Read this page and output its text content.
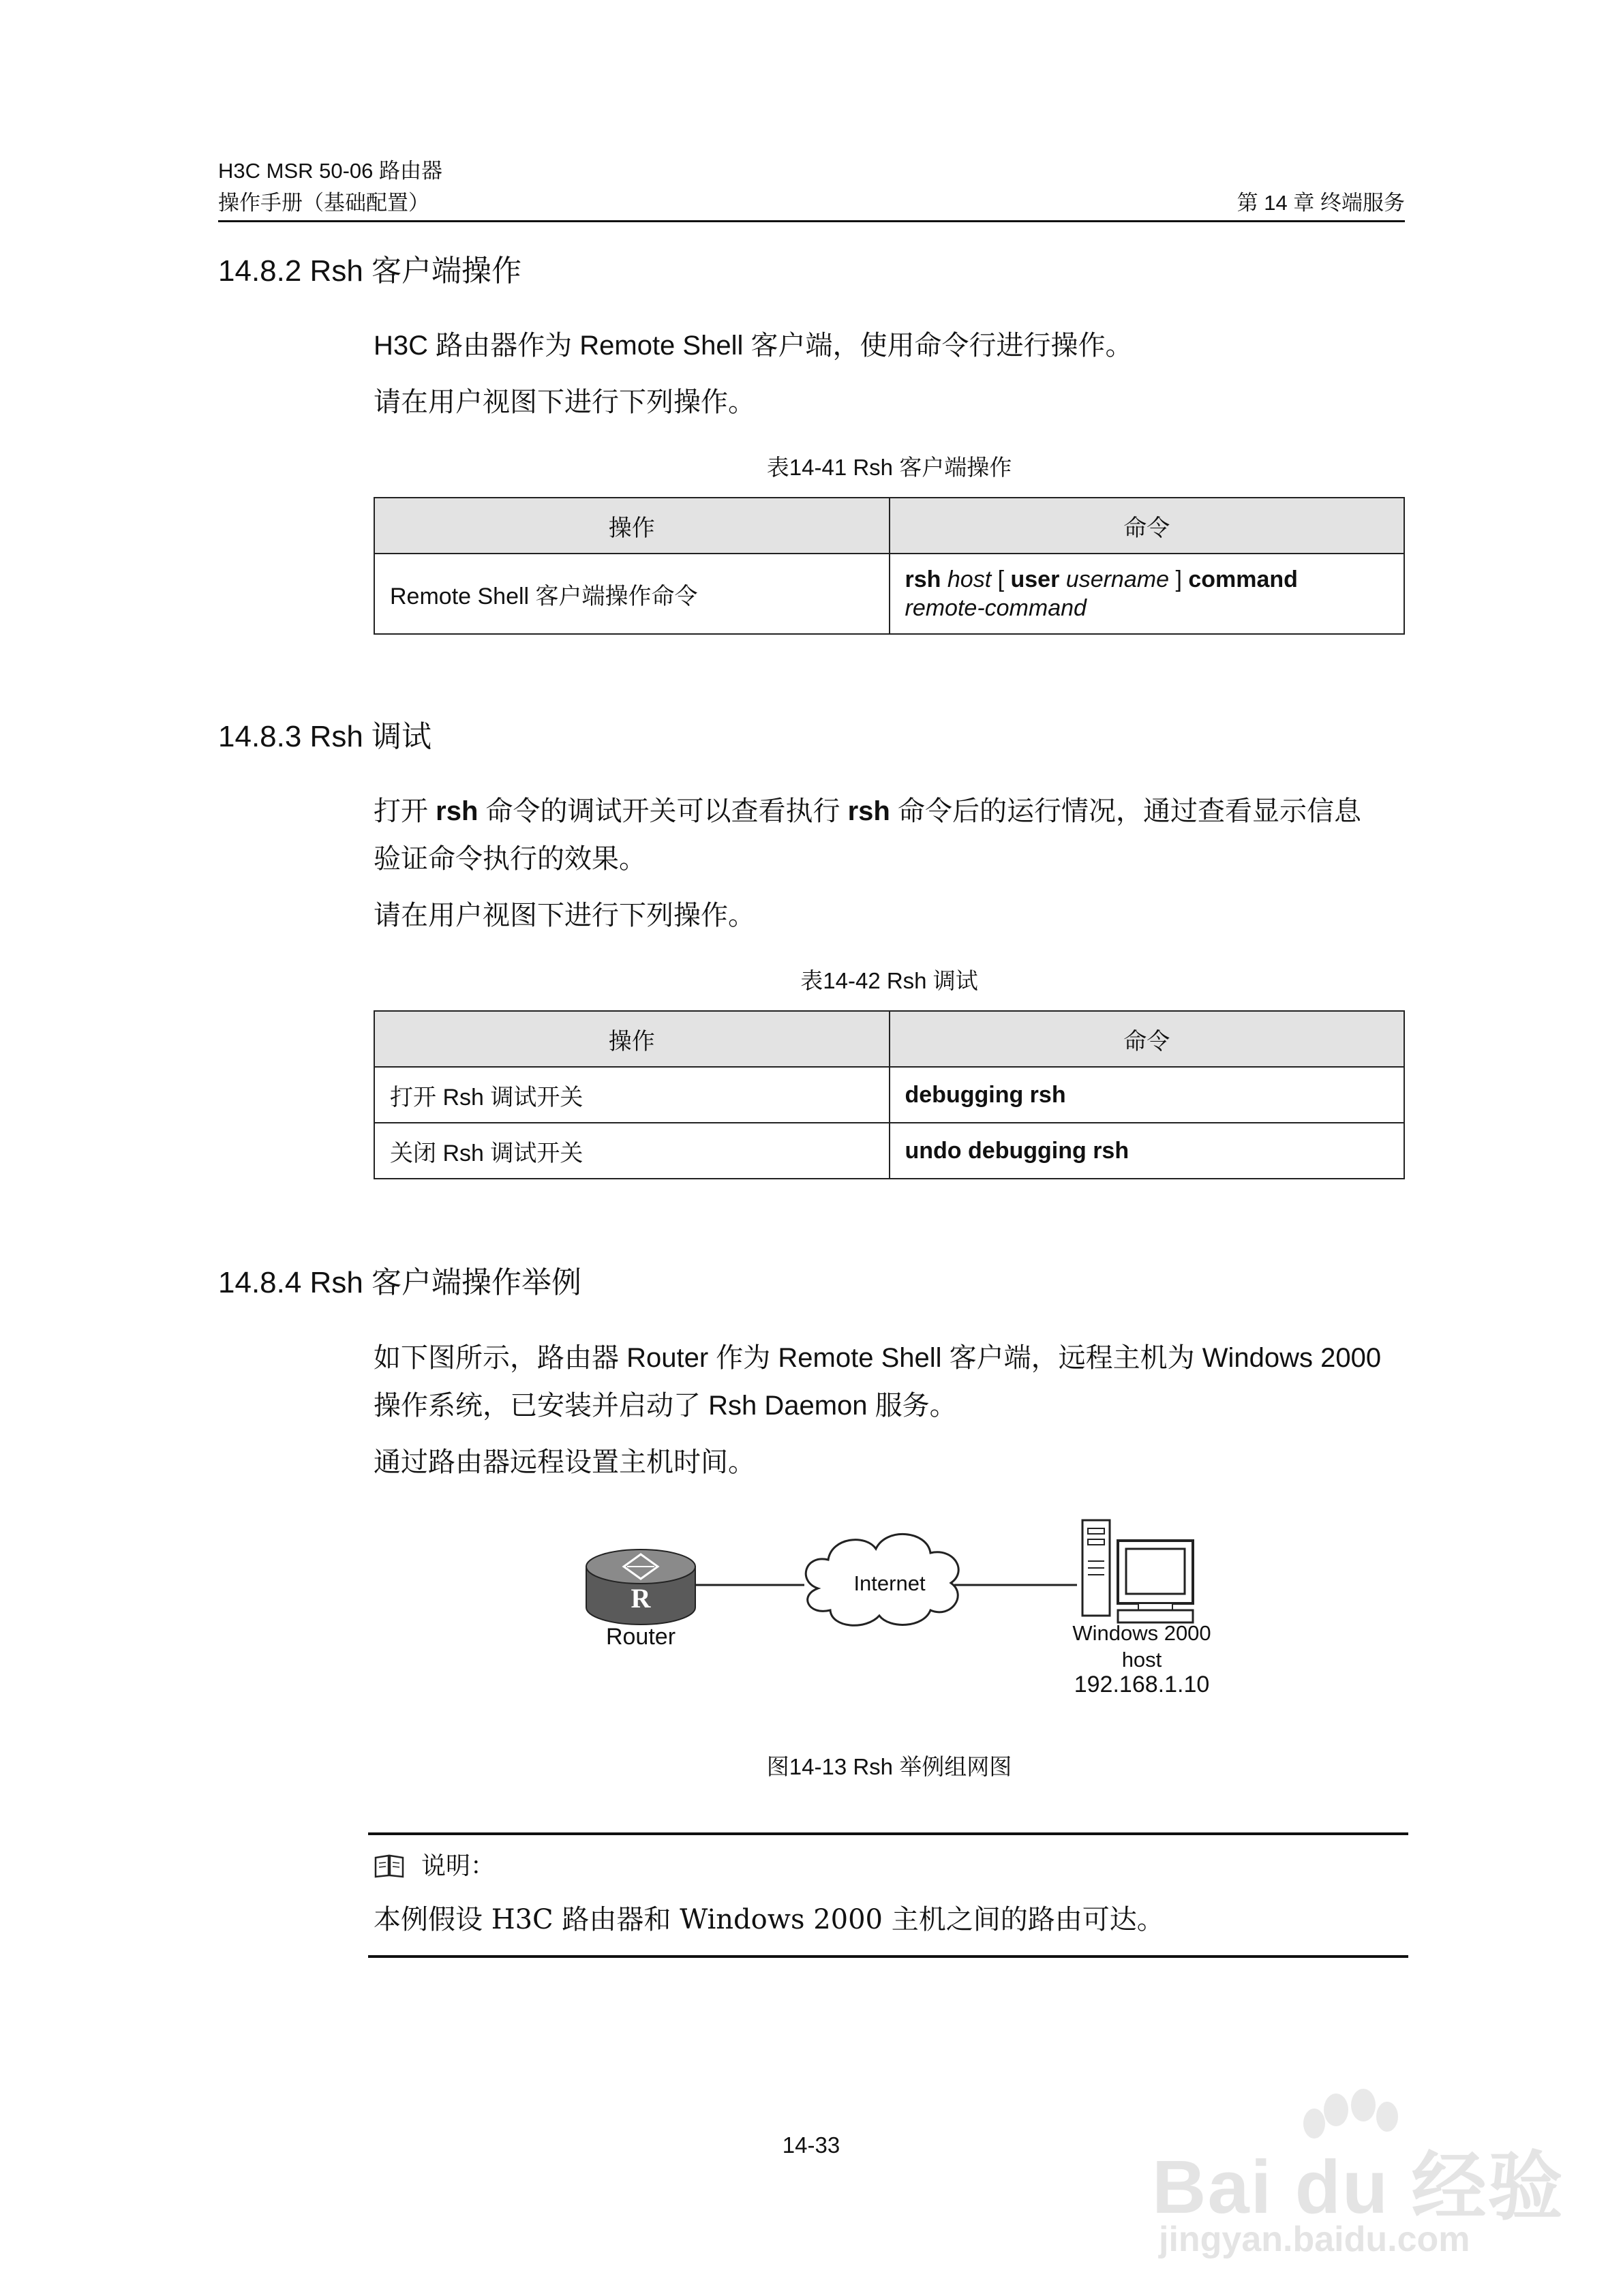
H3C MSR 50-06 路由器
操作手册（基础配置）	第 14 章 终端服务
14.8.2 Rsh 客户端操作
H3C 路由器作为 Remote Shell 客户端，使用命令行进行操作。
请在用户视图下进行下列操作。
表14-41 Rsh 客户端操作
操作	命令
Remote Shell 客户端操作命令	rsh host [ user username ] command
remote-command
14.8.3 Rsh 调试
打开 rsh 命令的调试开关可以查看执行 rsh 命令后的运行情况，通过查看显示信息
验证命令执行的效果。
请在用户视图下进行下列操作。
表14-42 Rsh 调试
操作	命令
打开 Rsh 调试开关	debugging rsh
关闭 Rsh 调试开关	undo debugging rsh
14.8.4 Rsh 客户端操作举例
如下图所示，路由器 Router 作为 Remote Shell 客户端，远程主机为 Windows 2000
操作系统，已安装并启动了 Rsh Daemon 服务。
通过路由器远程设置主机时间。
R
Router
Internet
Windows 2000
host
192.168.1.10
图14-13 Rsh 举例组网图
说明：
本例假设 H3C 路由器和 Windows 2000 主机之间的路由可达。
14-33
Bai du 经验
jingyan.baidu.com
